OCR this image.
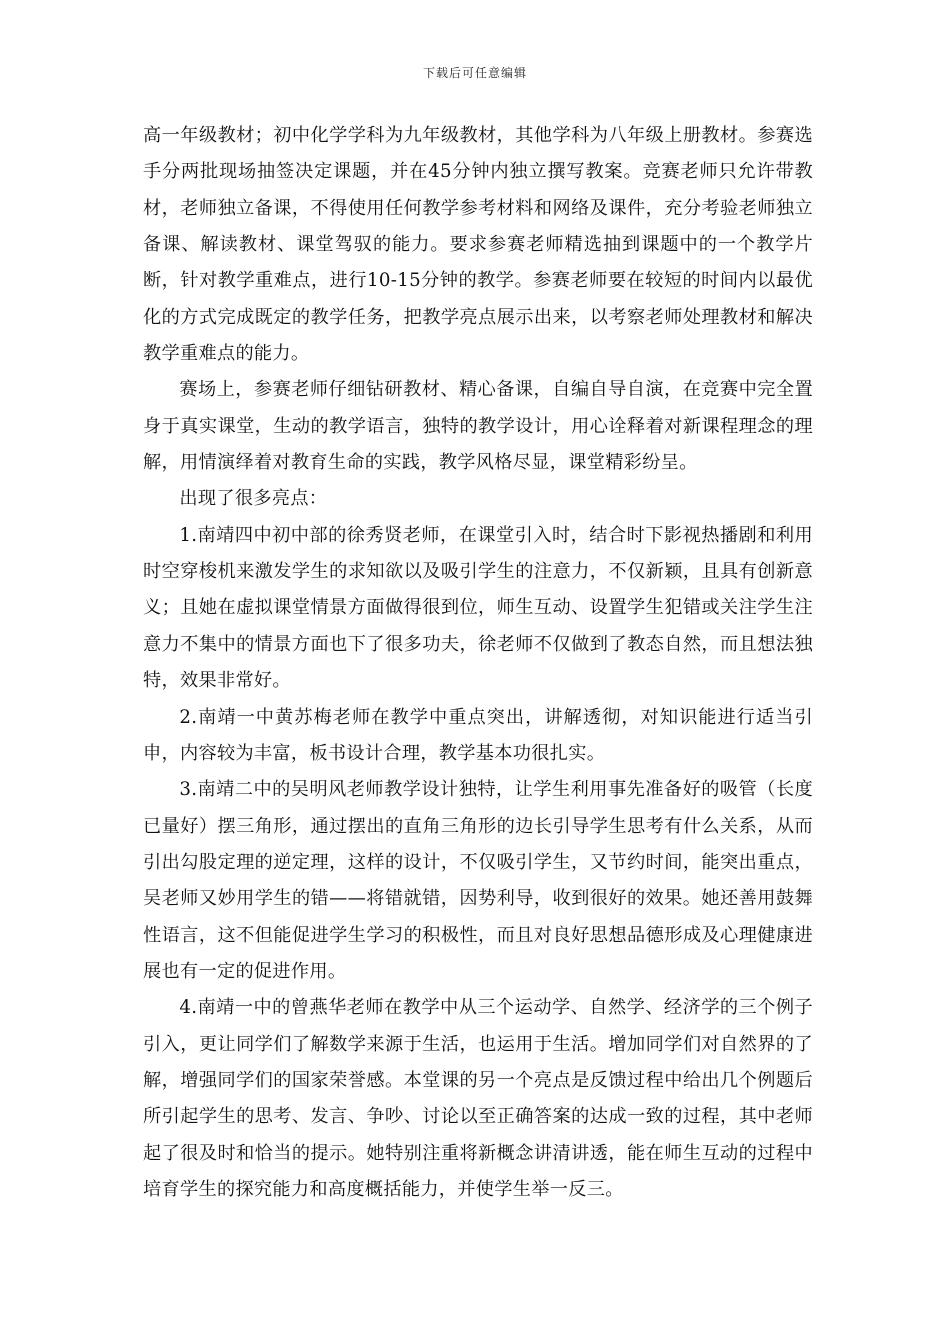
下载后可任意编辑

高一年级教材；初中化学学科为九年级教材，其他学科为八年级上册教材。参赛选手分两批现场抽签决定课题，并在45分钟内独立撰写教案。竞赛老师只允许带教材，老师独立备课，不得使用任何教学参考材料和网络及课件，充分考验老师独立备课、解读教材、课堂驾驭的能力。要求参赛老师精选抽到课题中的一个教学片断，针对教学重难点，进行10-15分钟的教学。参赛老师要在较短的时间内以最优化的方式完成既定的教学任务，把教学亮点展示出来，以考察老师处理教材和解决教学重难点的能力。

赛场上，参赛老师仔细钻研教材、精心备课，自编自导自演，在竞赛中完全置身于真实课堂，生动的教学语言，独特的教学设计，用心诠释着对新课程理念的理解，用情演绎着对教育生命的实践，教学风格尽显，课堂精彩纷呈。

出现了很多亮点：

1.南靖四中初中部的徐秀贤老师，在课堂引入时，结合时下影视热播剧和利用时空穿梭机来激发学生的求知欲以及吸引学生的注意力，不仅新颖，且具有创新意义；且她在虚拟课堂情景方面做得很到位，师生互动、设置学生犯错或关注学生注意力不集中的情景方面也下了很多功夫，徐老师不仅做到了教态自然，而且想法独特，效果非常好。

2.南靖一中黄苏梅老师在教学中重点突出，讲解透彻，对知识能进行适当引申，内容较为丰富，板书设计合理，教学基本功很扎实。

3.南靖二中的吴明风老师教学设计独特，让学生利用事先准备好的吸管（长度已量好）摆三角形，通过摆出的直角三角形的边长引导学生思考有什么关系，从而引出勾股定理的逆定理，这样的设计，不仅吸引学生，又节约时间，能突出重点，吴老师又妙用学生的错——将错就错，因势利导，收到很好的效果。她还善用鼓舞性语言，这不但能促进学生学习的积极性，而且对良好思想品德形成及心理健康进展也有一定的促进作用。

4.南靖一中的曾燕华老师在教学中从三个运动学、自然学、经济学的三个例子引入，更让同学们了解数学来源于生活，也运用于生活。增加同学们对自然界的了解，增强同学们的国家荣誉感。本堂课的另一个亮点是反馈过程中给出几个例题后所引起学生的思考、发言、争吵、讨论以至正确答案的达成一致的过程，其中老师起了很及时和恰当的提示。她特别注重将新概念讲清讲透，能在师生互动的过程中培育学生的探究能力和高度概括能力，并使学生举一反三。
